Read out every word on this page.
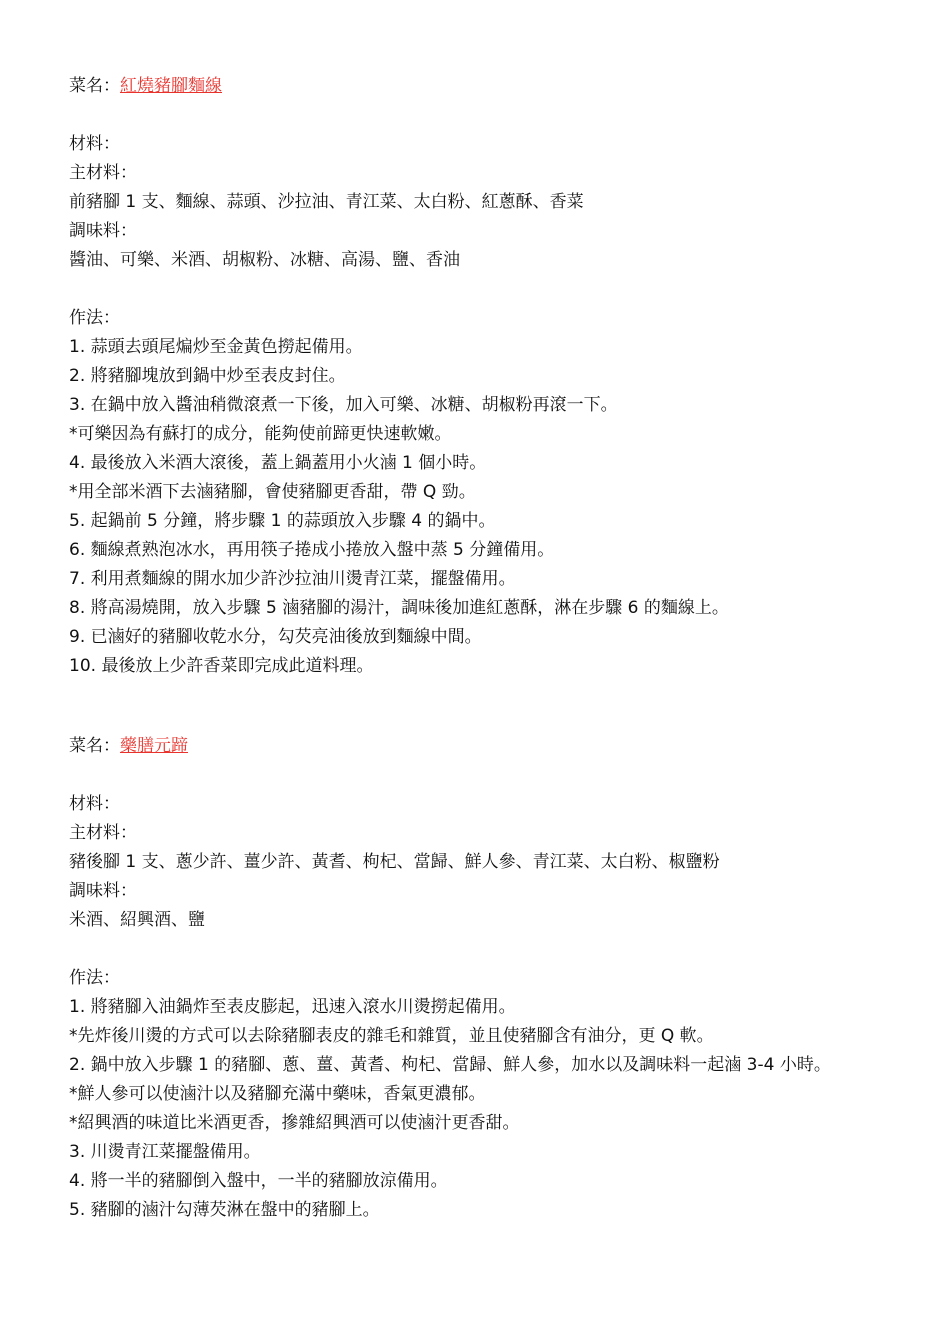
菜名：紅燒豬腳麵線
材料：
主材料：
前豬腳 1 支、麵線、蒜頭、沙拉油、青江菜、太白粉、紅蔥酥、香菜
調味料：
醬油、可樂、米酒、胡椒粉、冰糖、高湯、鹽、香油
作法：
1. 蒜頭去頭尾煸炒至金黃色撈起備用。
2. 將豬腳塊放到鍋中炒至表皮封住。
3. 在鍋中放入醬油稍微滾煮一下後，加入可樂、冰糖、胡椒粉再滾一下。
*可樂因為有蘇打的成分，能夠使前蹄更快速軟嫩。
4. 最後放入米酒大滾後，蓋上鍋蓋用小火滷 1 個小時。
*用全部米酒下去滷豬腳，會使豬腳更香甜，帶 Q 勁。
5. 起鍋前 5 分鐘，將步驟 1 的蒜頭放入步驟 4 的鍋中。
6. 麵線煮熟泡冰水，再用筷子捲成小捲放入盤中蒸 5 分鐘備用。
7. 利用煮麵線的開水加少許沙拉油川燙青江菜，擺盤備用。
8. 將高湯燒開，放入步驟 5 滷豬腳的湯汁，調味後加進紅蔥酥，淋在步驟 6 的麵線上。
9. 已滷好的豬腳收乾水分，勾芡亮油後放到麵線中間。
10. 最後放上少許香菜即完成此道料理。
菜名：藥膳元蹄
材料：
主材料：
豬後腳 1 支、蔥少許、薑少許、黃耆、枸杞、當歸、鮮人參、青江菜、太白粉、椒鹽粉
調味料：
米酒、紹興酒、鹽
作法：
1. 將豬腳入油鍋炸至表皮膨起，迅速入滾水川燙撈起備用。
*先炸後川燙的方式可以去除豬腳表皮的雜毛和雜質，並且使豬腳含有油分，更 Q 軟。
2. 鍋中放入步驟 1 的豬腳、蔥、薑、黃耆、枸杞、當歸、鮮人參，加水以及調味料一起滷 3-4 小時。
*鮮人參可以使滷汁以及豬腳充滿中藥味，香氣更濃郁。
*紹興酒的味道比米酒更香，摻雜紹興酒可以使滷汁更香甜。
3. 川燙青江菜擺盤備用。
4. 將一半的豬腳倒入盤中，一半的豬腳放涼備用。
5. 豬腳的滷汁勾薄芡淋在盤中的豬腳上。
